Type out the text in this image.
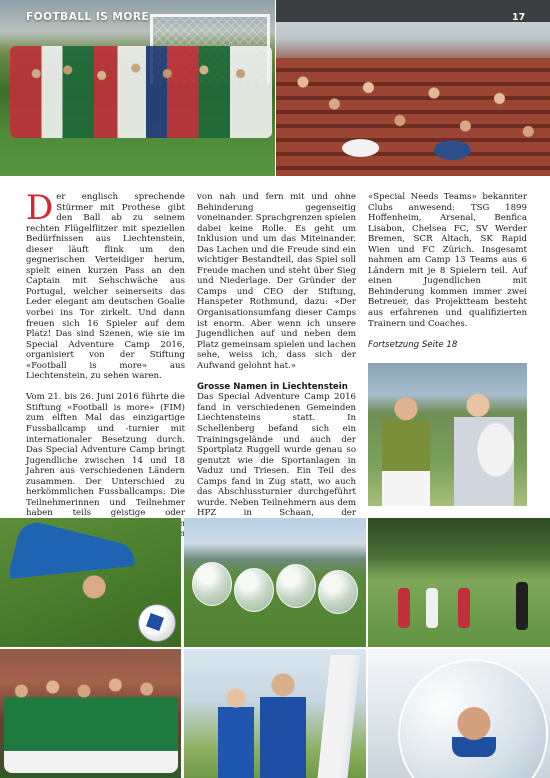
FOOTBALL IS MORE	17

Der englisch sprechende Stürmer mit Prothese gibt den Ball ab zu seinem rechten Flügelflitzer mit speziellen Bedürfnissen aus Liechtenstein, dieser läuft flink um den gegnerischen Verteidiger herum, spielt einen kurzen Pass an den Captain mit Sehschwäche aus Portugal, welcher seinerseits das Leder elegant am deutschen Goalie vorbei ins Tor zirkelt. Und dann freuen sich 16 Spieler auf dem Platz! Das sind Szenen, wie sie im Special Adventure Camp 2016, organisiert von der Stiftung «Football is more» aus Liechtenstein, zu sehen waren.

Vom 21. bis 26. Juni 2016 führte die Stiftung «Football is more» (FIM) zum elften Mal das einzigartige Fussballcamp und -turnier mit internationaler Besetzung durch. Das Special Adventure Camp bringt Jugendliche zwischen 14 und 18 Jahren aus verschiedenen Ländern zusammen. Der Unterschied zu herkömmlichen Fussballcamps: Die Teilnehmerinnen und Teilnehmer haben teils geistige oder

von nah und fern mit und ohne Behinderung gegenseitig voneinander. Sprachgrenzen spielen dabei keine Rolle. Es geht um Inklusion und um das Miteinander. Das Lachen und die Freude sind ein wichtiger Bestandteil, das Spiel soll Freude machen und steht über Sieg und Niederlage. Der Gründer der Camps und CEO der Stiftung, Hanspeter Rothmund, dazu: «Der Organisationsumfang dieser Camps ist enorm. Aber wenn ich unsere Jugendlichen auf und neben dem Platz gemeinsam spielen und lachen sehe, weiss ich, dass sich der Aufwand gelohnt hat.»

Grosse Namen in Liechtenstein

Das Special Adventure Camp 2016 fand in verschiedenen Gemeinden Liechtensteins statt. In Schellenberg befand sich ein Trainingsgelände und auch der Sportplatz Ruggell wurde genau so genutzt wie die Sportanlagen in Vaduz und Triesen. Ein Teil des Camps fand in Zug statt, wo auch das Abschlussturnier durchgeführt wurde. Neben Teilnehmern aus dem HPZ in Schaan, der

«Special Needs Teams» bekannter Clubs anwesend: TSG 1899 Hoffenheim, Arsenal, Benfica Lisabon, Chelsea FC, SV Werder Bremen, SCR Altach, SK Rapid Wien und FC Zürich. Insgesamt nahmen am Camp 13 Teams aus 6 Ländern mit je 8 Spielern teil. Auf einen Jugendlichen mit Behinderung kommen immer zwei Betreuer, das Projektteam besteht aus erfahrenen und qualifizierten Trainern und Coaches.

Fortsetzung Seite 18
